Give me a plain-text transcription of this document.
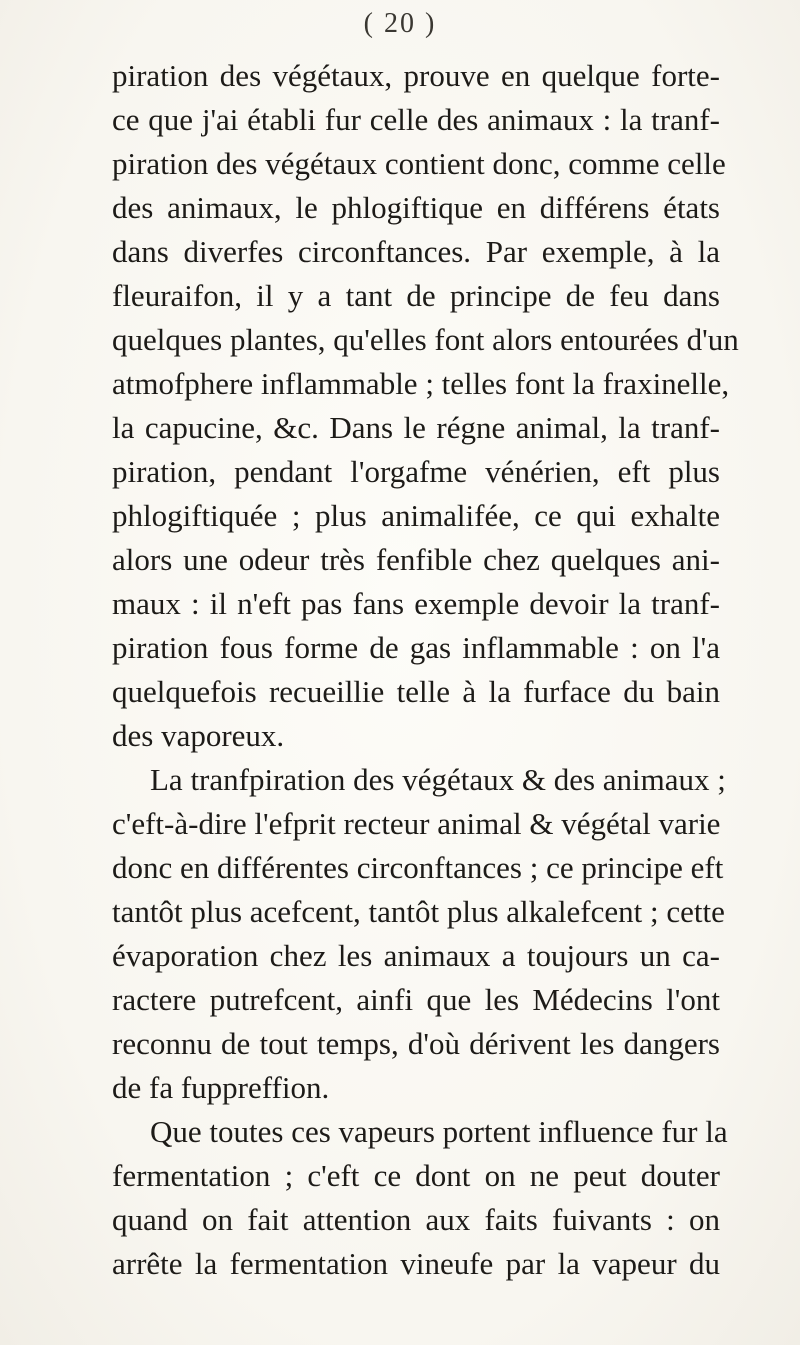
( 20 )
piration des végétaux, prouve en quelque forte-
ce que j'ai établi fur celle des animaux : la tranf-
piration des végétaux contient donc, comme celle
des animaux, le phlogiftique en différens états
dans diverfes circonftances. Par exemple, à la
fleuraifon, il y a tant de principe de feu dans
quelques plantes, qu'elles font alors entourées d'un
atmofphere inflammable ; telles font la fraxinelle,
la capucine, &c. Dans le régne animal, la tranf-
piration, pendant l'orgafme vénérien, eft plus
phlogiftiquée ; plus animalifée, ce qui exhalte
alors une odeur très fenfible chez quelques ani-
maux : il n'eft pas fans exemple devoir la tranf-
piration fous forme de gas inflammable : on l'a
quelquefois recueillie telle à la furface du bain
des vaporeux.
La tranfpiration des végétaux & des animaux ;
c'eft-à-dire l'efprit recteur animal & végétal varie
donc en différentes circonftances ; ce principe eft
tantôt plus acefcent, tantôt plus alkalefcent ; cette
évaporation chez les animaux a toujours un ca-
ractere putrefcent, ainfi que les Médecins l'ont
reconnu de tout temps, d'où dérivent les dangers
de fa fuppreffion.
Que toutes ces vapeurs portent influence fur la
fermentation ; c'eft ce dont on ne peut douter
quand on fait attention aux faits fuivants : on
arrête la fermentation vineufe par la vapeur du
